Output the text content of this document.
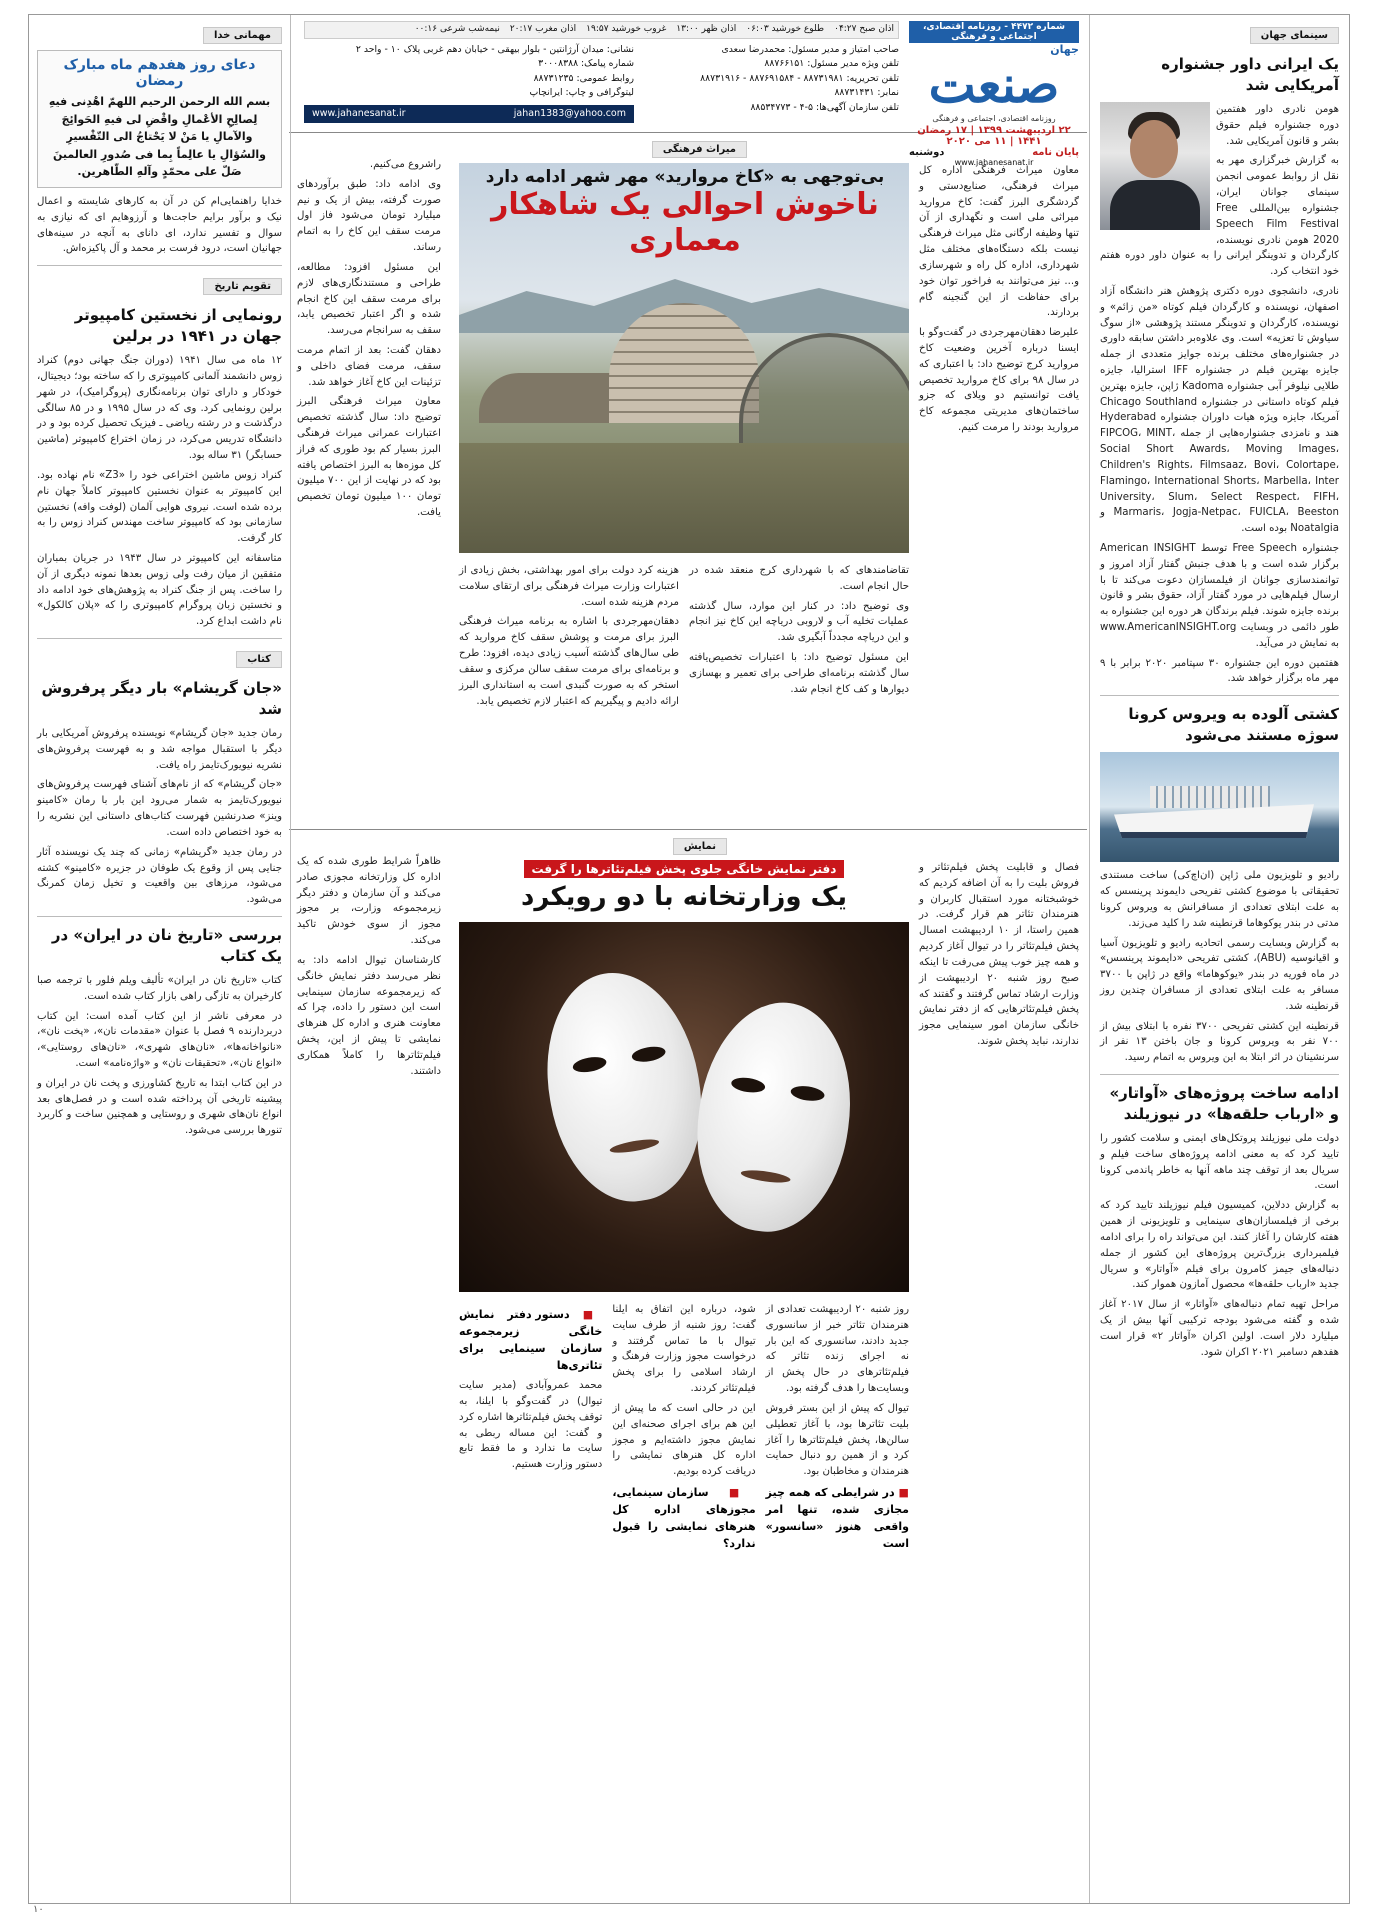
سینمای جهان
یک ایرانی داور جشنواره آمریکایی شد

هومن نادری داور هفتمین دوره جشنواره فیلم حقوق بشر و قانون آمریکایی شد.

به گزارش خبرگزاری مهر به نقل از روابط عمومی انجمن سینمای جوانان ایران، جشنواره بین‌المللی Free Speech Film Festival 2020 هومن نادری نویسنده، کارگردان و تدوینگر ایرانی را به عنوان داور دوره هفتم خود انتخاب کرد.

نادری، دانشجوی دوره دکتری پژوهش هنر دانشگاه آزاد اصفهان، نویسنده و کارگردان فیلم کوتاه «من زائم» و نویسنده، کارگردان و تدوینگر مستند پژوهشی «از سوگ سیاوش تا تعزیه» است. وی علاوه‌بر داشتن سابقه داوری در جشنواره‌های مختلف برنده جوایز متعددی از جمله جایزه بهترین فیلم در جشنواره IFF استرالیا، جایزه طلایی نیلوفر آبی جشنواره Kadoma ژاپن، جایزه بهترین فیلم کوتاه داستانی در جشنواره Chicago Southland آمریکا، جایزه ویژه هیات داوران جشنواره Hyderabad هند و نامزدی جشنواره‌هایی از جمله FIPCOG، MINT، Social Short Awards، Moving Images، Children's Rights، Filmsaaz، Bovi، Colortape، Flamingo، International Shorts، Marbella، Inter University، Slum، Select Respect، FIFH، Marmaris، Jogja-Netpac، FUICLA، Beeston و Noatalgia بوده است.

جشنواره Free Speech توسط American INSIGHT برگزار شده است و با هدف جنبش گفتار آزاد امروز و توانمندسازی جوانان از فیلمسازان دعوت می‌کند تا با ارسال فیلم‌هایی در مورد گفتار آزاد، حقوق بشر و قانون برنده جایزه شوند. فیلم برندگان هر دوره این جشنواره به طور دائمی در وبسایت www.AmericanINSIGHT.org به نمایش در می‌آید.

هفتمین دوره این جشنواره ۳۰ سپتامبر ۲۰۲۰ برابر با ۹ مهر ماه برگزار خواهد شد.

کشتی آلوده به ویروس کرونا سوژه مستند می‌شود

رادیو و تلویزیون ملی ژاپن (ان‌اچ‌کی) ساخت مستندی تحقیقاتی با موضوع کشتی تفریحی دایموند پرینسس که به علت ابتلای تعدادی از مسافرانش به ویروس کرونا مدتی در بندر یوکوهاما قرنطینه شد را کلید می‌زند.

به گزارش وبسایت رسمی اتحادیه رادیو و تلویزیون آسیا و اقیانوسیه (ABU)، کشتی تفریحی «دایموند پرینسس» در ماه فوریه در بندر «یوکوهاما» واقع در ژاپن با ۳۷۰۰ مسافر به علت ابتلای تعدادی از مسافران چندین روز قرنطینه شد.

قرنطینه این کشتی تفریحی ۳۷۰۰ نفره با ابتلای بیش از ۷۰۰ نفر به ویروس کرونا و جان باختن ۱۳ نفر از سرنشینان در اثر ابتلا به این ویروس به اتمام رسید.

ادامه ساخت پروژه‌های «آواتار» و «ارباب حلقه‌ها» در نیوزیلند

دولت ملی نیوزیلند پروتکل‌های ایمنی و سلامت کشور را تایید کرد که به معنی ادامه پروژه‌های ساخت فیلم و سریال بعد از توقف چند ماهه آنها به خاطر پاندمی کرونا است.

به گزارش ددلاین، کمیسیون فیلم نیوزیلند تایید کرد که برخی از فیلمسازان‌های سینمایی و تلویزیونی از همین هفته کارشان را آغاز کنند. این می‌تواند راه را برای ادامه فیلمبرداری بزرگ‌ترین پروژه‌های این کشور از جمله دنباله‌های جیمز کامرون برای فیلم «آواتار» و سریال جدید «ارباب حلقه‌ها» محصول آمازون هموار کند.

مراحل تهیه تمام دنباله‌های «آواتار» از سال ۲۰۱۷ آغاز شده و گفته می‌شود بودجه ترکیبی آنها بیش از یک میلیارد دلار است. اولین اکران «آواتار ۲» قرار است هفدهم دسامبر ۲۰۲۱ اکران شود.

شماره ۴۴۷۲ - روزنامه اقتصادی، اجتماعی و فرهنگی
جهان
صنعت
روزنامه اقتصادی، اجتماعی و فرهنگی
۲۲ اردیبهشت ۱۳۹۹ | ۱۷ رمضان ۱۴۴۱ | ۱۱ می ۲۰۲۰
پایان نامه
دوشنبه
www.jahanesanat.ir
اذان صبح ۰۴:۲۷
طلوع خورشید ۰۶:۰۳
اذان ظهر ۱۳:۰۰
غروب خورشید ۱۹:۵۷
اذان مغرب ۲۰:۱۷
نیمه‌شب شرعی ۰۰:۱۶
صاحب امتیاز و مدیر مسئول: محمدرضا سعدی
تلفن ویژه مدیر مسئول: ۸۸۷۶۶۱۵۱
تلفن تحریریه: ۸۸۷۳۱۹۸۱ - ۸۸۷۶۹۱۵۸۴ - ۸۸۷۳۱۹۱۶
نمابر: ۸۸۷۳۱۴۳۱
تلفن سازمان آگهی‌ها: ۵-۴ - ۸۸۵۳۴۷۷۳
نشانی: میدان آرژانتین - بلوار بیهقی - خیابان دهم غربی پلاک ۱۰ - واحد ۲
شماره پیامک: ۳۰۰۰۸۳۸۸
روابط عمومی: ۸۸۷۳۱۲۳۵
لیتوگرافی و چاپ: ایرانچاپ
www.jahanesanat.ir	jahan1383@yahoo.com
میراث فرهنگی

معاون میراث فرهنگی اداره کل میراث فرهنگی، صنایع‌دستی و گردشگری البرز گفت: کاخ مروارید میراثی ملی است و نگهداری از آن تنها وظیفه ارگانی مثل میراث فرهنگی نیست بلکه دستگاه‌های مختلف مثل شهرداری، اداره کل راه و شهرسازی و... نیز می‌توانند به فراخور توان خود برای حفاظت از این گنجینه گام بردارند.

علیرضا دهقان‌مهرجردی در گفت‌وگو با ایسنا درباره آخرین وضعیت کاخ مروارید کرج توضیح داد: با اعتباری که در سال ۹۸ برای کاخ مروارید تخصیص یافت توانستیم دو ویلای که جزو ساختمان‌های مدیریتی مجموعه کاخ مروارید بودند را مرمت کنیم.

بی‌توجهی به «کاخ مروارید» مهر شهر ادامه دارد
ناخوش احوالی یک شاهکار معماری

راشروع می‌کنیم.

وی ادامه داد: طبق برآوردهای صورت گرفته، بیش از یک و نیم میلیارد تومان می‌شود فاز اول مرمت سقف این کاخ را به اتمام رساند.

این مسئول افزود: مطالعه، طراحی و مستندنگاری‌های لازم برای مرمت سقف این کاخ انجام شده و اگر اعتبار تخصیص یابد، سقف به سرانجام می‌رسد.

دهقان گفت: بعد از اتمام مرمت سقف، مرمت فضای داخلی و تزئینات این کاخ آغاز خواهد شد.

معاون میراث فرهنگی البرز توضیح داد: سال گذشته تخصیص اعتبارات عمرانی میراث فرهنگی البرز بسیار کم بود طوری که فراز کل موزه‌ها به البرز اختصاص یافته بود که در نهایت از این ۷۰۰ میلیون تومان ۱۰۰ میلیون تومان تخصیص یافت.

تقاضامندهای که با شهرداری کرج منعقد شده در حال انجام است.

وی توضیح داد: در کنار این موارد، سال گذشته عملیات تخلیه آب و لاروبی دریاچه این کاخ نیز انجام و این دریاچه مجدداً آبگیری شد.

این مسئول توضیح داد: با اعتبارات تخصیص‌یافته سال گذشته برنامه‌ای طراحی برای تعمیر و بهسازی دیوارها و کف کاخ انجام شد.

هزینه کرد دولت برای امور بهداشتی، بخش زیادی از اعتبارات وزارت میراث فرهنگی برای ارتقای سلامت مردم هزینه شده است.

دهقان‌مهرجردی با اشاره به برنامه میراث فرهنگی البرز برای مرمت و پوشش سقف کاخ مروارید که طی سال‌های گذشته آسیب زیادی دیده، افزود: طرح و برنامه‌ای برای مرمت سقف سالن مرکزی و سقف استخر که به صورت گنبدی است به استانداری البرز ارائه دادیم و پیگیریم که اعتبار لازم تخصیص یابد.

نمایش
دفتر نمایش خانگی جلوی پخش فیلم‌تئاترها را گرفت
یک وزارتخانه با دو رویکرد

فصال و قابلیت پخش فیلم‌تئاتر و فروش بلیت را به آن اضافه کردیم که خوشبختانه مورد استقبال کاربران و هنرمندان تئاتر هم قرار گرفت. در همین راستا، از ۱۰ اردیبهشت امسال پخش فیلم‌تئاتر را در تیوال آغاز کردیم و همه چیز خوب پیش می‌رفت تا اینکه صبح روز شنبه ۲۰ اردیبهشت از وزارت ارشاد تماس گرفتند و گفتند که پخش فیلم‌تئاترهایی که از دفتر نمایش خانگی سازمان امور سینمایی مجوز ندارند، نباید پخش شوند.

ظاهراً شرایط طوری شده که یک اداره کل وزارتخانه مجوزی صادر می‌کند و آن سازمان و دفتر دیگر زیرمجموعه وزارت، بر مجوز مجوز از سوی خودش تاکید می‌کند.

کارشناسان تیوال ادامه داد: به نظر می‌رسد دفتر نمایش خانگی که زیرمجموعه سازمان سینمایی است این دستور را داده، چرا که معاونت هنری و اداره کل هنرهای نمایشی تا پیش از این، پخش فیلم‌تئاترها را کاملاً همکاری داشتند.

روز شنبه ۲۰ اردیبهشت تعدادی از هنرمندان تئاتر خبر از سانسوری جدید دادند، سانسوری که این بار نه اجرای زنده تئاتر که فیلم‌تئاترهای در حال پخش از وبسایت‌ها را هدف گرفته بود.

تیوال که پیش از این بستر فروش بلیت تئاترها بود، با آغاز تعطیلی سالن‌ها، پخش فیلم‌تئاترها را آغاز کرد و از همین رو دنبال حمایت هنرمندان و مخاطبان بود.

■ در شرایطی که همه چیز مجازی شده، تنها امر واقعی هنوز «سانسور» است

شود، درباره این اتفاق به ایلنا گفت: روز شنبه از طرف سایت تیوال با ما تماس گرفتند و درخواست مجوز وزارت فرهنگ و ارشاد اسلامی را برای پخش فیلم‌تئاتر کردند.

این در حالی است که ما پیش از این هم برای اجرای صحنه‌ای این نمایش مجوز داشته‌ایم و مجوز اداره کل هنرهای نمایشی را دریافت کرده بودیم.

■ سازمان سینمایی، مجوزهای اداره کل هنرهای نمایشی را قبول ندارد؟
■ دستور دفتر نمایش خانگی زیرمجموعه سازمان سینمایی برای تئاتری‌ها

محمد عمروآبادی (مدیر سایت تیوال) در گفت‌وگو با ایلنا، به توقف پخش فیلم‌تئاترها اشاره کرد و گفت: این مساله ربطی به سایت ما ندارد و ما فقط تابع دستور وزارت هستیم.

مهمانی خدا
دعای روز هفدهم ماه مبارک رمضان
بسم الله الرحمن الرحیم اللهمّ اهْدِنی فیهِ لِصالِحِ الأعْمالِ واقْضِ لی فیهِ الحَوائِجَ والآمالِ یا مَنْ لا یَحْتاجُ الی التّفْسیرِ والسُؤالِ یا عالِماً بِما فی صُدورِ العالمینَ صَلّ علی محمّدٍ وآلهِ الطّاهرین.
خدایا راهنمایی‌ام کن در آن به کارهای شایسته و اعمال نیک و برآور برایم حاجت‌ها و آرزوهایم ای که نیازی به سوال و تفسیر ندارد، ای دانای به آنچه در سینه‌های جهانیان است، درود فرست بر محمد و آل پاکیزه‌اش.
تقویم تاریخ
رونمایی از نخستین کامپیوتر جهان در ۱۹۴۱ در برلین

۱۲ ماه می سال ۱۹۴۱ (دوران جنگ جهانی دوم) کنراد زوس دانشمند آلمانی کامپیوتری را که ساخته بود؛ دیجیتال، خودکار و دارای توان برنامه‌نگاری (پروگرامیک)، در شهر برلین رونمایی کرد. وی که در سال ۱۹۹۵ و در ۸۵ سالگی درگذشت و در رشته ریاضی ـ فیزیک تحصیل کرده بود و در دانشگاه تدریس می‌کرد، در زمان اختراع کامپیوتر (ماشین حسابگر) ۳۱ ساله بود.

کنراد زوس ماشین اختراعی خود را «Z3» نام نهاده بود. این کامپیوتر به عنوان نخستین کامپیوتر کاملاً جهان نام برده شده است. نیروی هوایی آلمان (لوفت وافه) نخستین سازمانی بود که کامپیوتر ساخت مهندس کنراد زوس را به کار گرفت.

متاسفانه این کامپیوتر در سال ۱۹۴۳ در جریان بمباران متفقین از میان رفت ولی زوس بعدها نمونه دیگری از آن را ساخت. پس از جنگ کنراد به پژوهش‌های خود ادامه داد و نخستین زبان پروگرام کامپیوتری را که «پلان کالکول» نام داشت ابداع کرد.

کتاب
«جان گریشام» بار دیگر پرفروش شد

رمان جدید «جان گریشام» نویسنده پرفروش آمریکایی بار دیگر با استقبال مواجه شد و به فهرست پرفروش‌های نشریه نیویورک‌تایمز راه یافت.

«جان گریشام» که از نام‌های آشنای فهرست پرفروش‌های نیویورک‌تایمز به شمار می‌رود این بار با رمان «کامینو وینز» صدرنشین فهرست کتاب‌های داستانی این نشریه را به خود اختصاص داده است.

در رمان جدید «گریشام» زمانی که چند یک نویسنده آثار جنایی پس از وقوع یک طوفان در جزیره «کامینو» کشته می‌شود، مرزهای بین واقعیت و تخیل زمان کمرنگ می‌شود.

بررسی «تاریخ نان در ایران» در یک کتاب

کتاب «تاریخ نان در ایران» تألیف ویلم فلور با ترجمه صبا کارخیران به تازگی راهی بازار کتاب شده است.

در معرفی ناشر از این کتاب آمده است: این کتاب دربردارنده ۹ فصل با عنوان «مقدمات نان»، «پخت نان»، «نانواخانه‌ها»، «نان‌های شهری»، «نان‌های روستایی»، «انواع نان»، «تحقیقات نان» و «واژه‌نامه» است.

در این کتاب ابتدا به تاریخ کشاورزی و پخت نان در ایران و پیشینه تاریخی آن پرداخته شده است و در فصل‌های بعد انواع نان‌های شهری و روستایی و همچنین ساخت و کاربرد تنورها بررسی می‌شود.

۱۰
